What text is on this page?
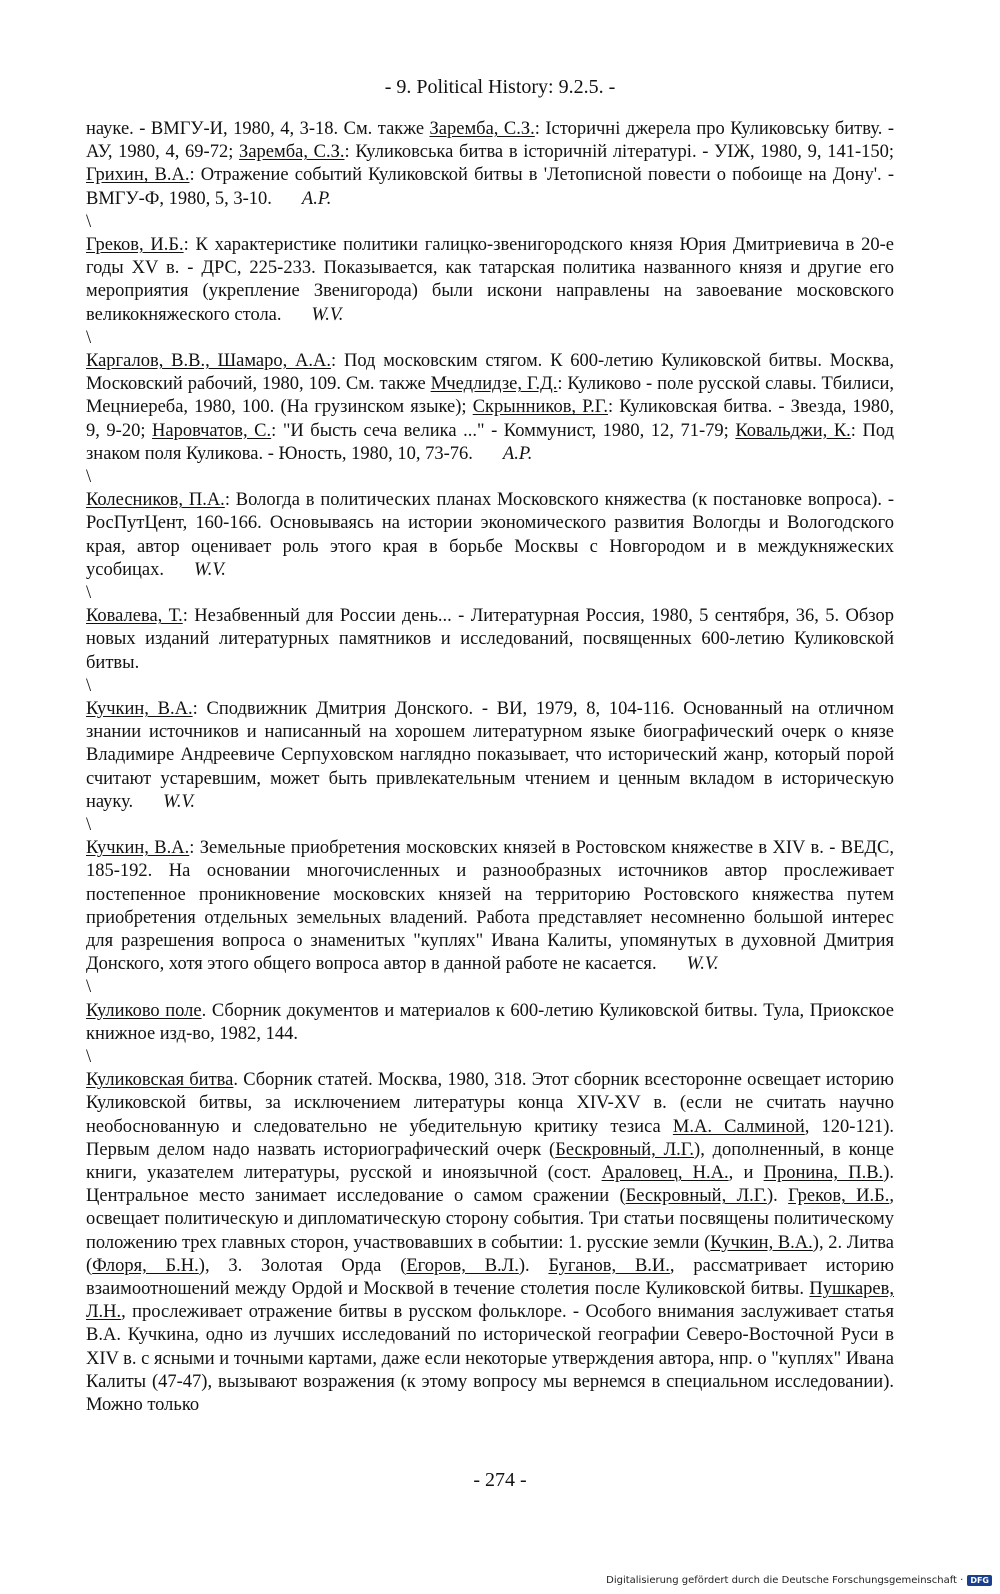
- 9. Political History: 9.2.5. -
науке. - ВМГУ-И, 1980, 4, 3-18. См. также Заремба, С.З.: Історичні джерела про Куликовську битву. - АУ, 1980, 4, 69-72; Заремба, С.З.: Куликовська битва в історичній літературі. - УІЖ, 1980, 9, 141-150; Грихин, В.А.: Отражение событий Куликовской битвы в 'Летописной повести о побоище на Дону'. - ВМГУ-Ф, 1980, 5, 3-10. A.P.
\
Греков, И.Б.: К характеристике политики галицко-звенигородского князя Юрия Дмитриевича в 20-е годы XV в. - ДРС, 225-233. Показывается, как татарская политика названного князя и другие его мероприятия (укрепление Звенигорода) были искони направлены на завоевание московского великокняжеского стола. W.V.
\
Каргалов, В.В., Шамаро, А.А.: Под московским стягом. К 600-летию Куликовской битвы. Москва, Московский рабочий, 1980, 109. См. также Мчедлидзе, Г.Д.: Куликово - поле русской славы. Тбилиси, Мецниереба, 1980, 100. (На грузинском языке); Скрынников, Р.Г.: Куликовская битва. - Звезда, 1980, 9, 9-20; Наровчатов, С.: "И бысть сеча велика ..." - Коммунист, 1980, 12, 71-79; Ковальджи, К.: Под знаком поля Куликова. - Юность, 1980, 10, 73-76. A.P.
\
Колесников, П.А.: Вологда в политических планах Московского княжества (к постановке вопроса). - РосПутЦент, 160-166. Основываясь на истории экономического развития Вологды и Вологодского края, автор оценивает роль этого края в борьбе Москвы с Новгородом и в междукняжеских усобицах. W.V.
\
Ковалева, Т.: Незабвенный для России день... - Литературная Россия, 1980, 5 сентября, 36, 5. Обзор новых изданий литературных памятников и исследований, посвященных 600-летию Куликовской битвы.
\
Кучкин, В.А.: Сподвижник Дмитрия Донского. - ВИ, 1979, 8, 104-116. Основанный на отличном знании источников и написанный на хорошем литературном языке биографический очерк о князе Владимире Андреевиче Серпуховском наглядно показывает, что исторический жанр, который порой считают устаревшим, может быть привлекательным чтением и ценным вкладом в историческую науку. W.V.
\
Кучкин, В.А.: Земельные приобретения московских князей в Ростовском княжестве в XIV в. - ВЕДС, 185-192. На основании многочисленных и разнообразных источников автор прослеживает постепенное проникновение московских князей на территорию Ростовского княжества путем приобретения отдельных земельных владений. Работа представляет несомненно большой интерес для разрешения вопроса о знаменитых "куплях" Ивана Калиты, упомянутых в духовной Дмитрия Донского, хотя этого общего вопроса автор в данной работе не касается. W.V.
\
Куликово поле. Сборник документов и материалов к 600-летию Куликовской битвы. Тула, Приокское книжное изд-во, 1982, 144.
\
Куликовская битва. Сборник статей. Москва, 1980, 318. Этот сборник всесторонне освещает историю Куликовской битвы, за исключением литературы конца XIV-XV в. (если не считать научно необоснованную и следовательно не убедительную критику тезиса М.А. Салминой, 120-121). Первым делом надо назвать историографический очерк (Бескровный, Л.Г.), дополненный, в конце книги, указателем литературы, русской и иноязычной (сост. Араловец, Н.А., и Пронина, П.В.). Центральное место занимает исследование о самом сражении (Бескровный, Л.Г.). Греков, И.Б., освещает политическую и дипломатическую сторону события. Три статьи посвящены политическому положению трех главных сторон, участвовавших в событии: 1. русские земли (Кучкин, В.А.), 2. Литва (Флоря, Б.Н.), 3. Золотая Орда (Егоров, В.Л.). Буганов, В.И., рассматривает историю взаимоотношений между Ордой и Москвой в течение столетия после Куликовской битвы. Пушкарев, Л.Н., прослеживает отражение битвы в русском фольклоре. - Особого внимания заслуживает статья В.А. Кучкина, одно из лучших исследований по исторической географии Северо-Восточной Руси в XIV в. с ясными и точными картами, даже если некоторые утверждения автора, нпр. о "куплях" Ивана Калиты (47-47), вызывают возражения (к этому вопросу мы вернемся в специальном исследовании). Можно только
- 274 -
Digitalisierung gefördert durch die Deutsche Forschungsgemeinschaft · DFG
